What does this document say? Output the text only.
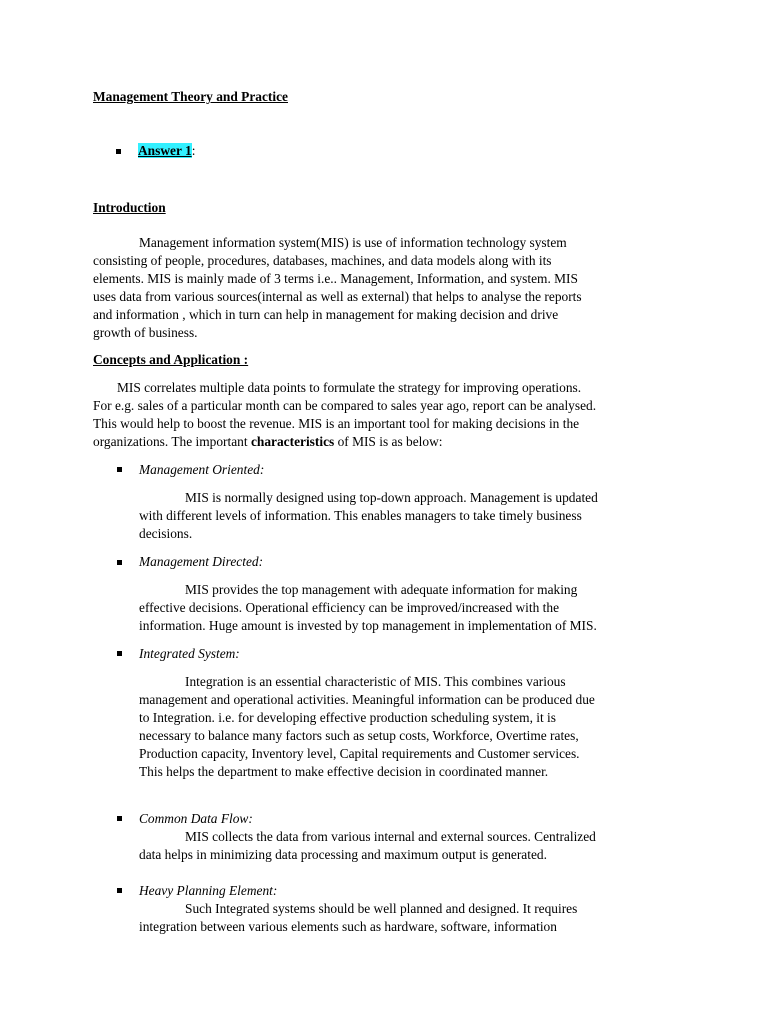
Management Theory and Practice
Answer 1:
Introduction
Management information system(MIS) is use of information technology system
consisting of people, procedures, databases, machines, and data models along with its
elements. MIS is mainly made of 3 terms i.e.. Management, Information, and system. MIS
uses data from various sources(internal as well as external) that helps to analyse the reports
and information , which in turn can help in management for making decision and drive
growth of business.
Concepts and Application :
MIS correlates multiple data points to formulate the strategy for improving operations.
For e.g. sales of a particular month can be compared to sales year ago, report can be analysed.
This would help to boost the revenue. MIS is an important tool for making decisions in the
organizations. The important characteristics of MIS is as below:
Management Oriented:
MIS is normally designed using top-down approach. Management is updated
with different levels of information. This enables managers to take timely business
decisions.
Management Directed:
MIS provides the top management with adequate information for making
effective decisions. Operational efficiency can be improved/increased with the
information. Huge amount is invested by top management in implementation of MIS.
Integrated System:
Integration is an essential characteristic of MIS. This combines various
management and operational activities. Meaningful information can be produced due
to Integration. i.e. for developing effective production scheduling system, it is
necessary to balance many factors such as setup costs, Workforce, Overtime rates,
Production capacity, Inventory level, Capital requirements and Customer services.
This helps the department to make effective decision in coordinated manner.
Common Data Flow:
MIS collects the data from various internal and external sources. Centralized
data helps in minimizing data processing and maximum output is generated.
Heavy Planning Element:
Such Integrated systems should be well planned and designed. It requires
integration between various elements such as hardware, software, information
